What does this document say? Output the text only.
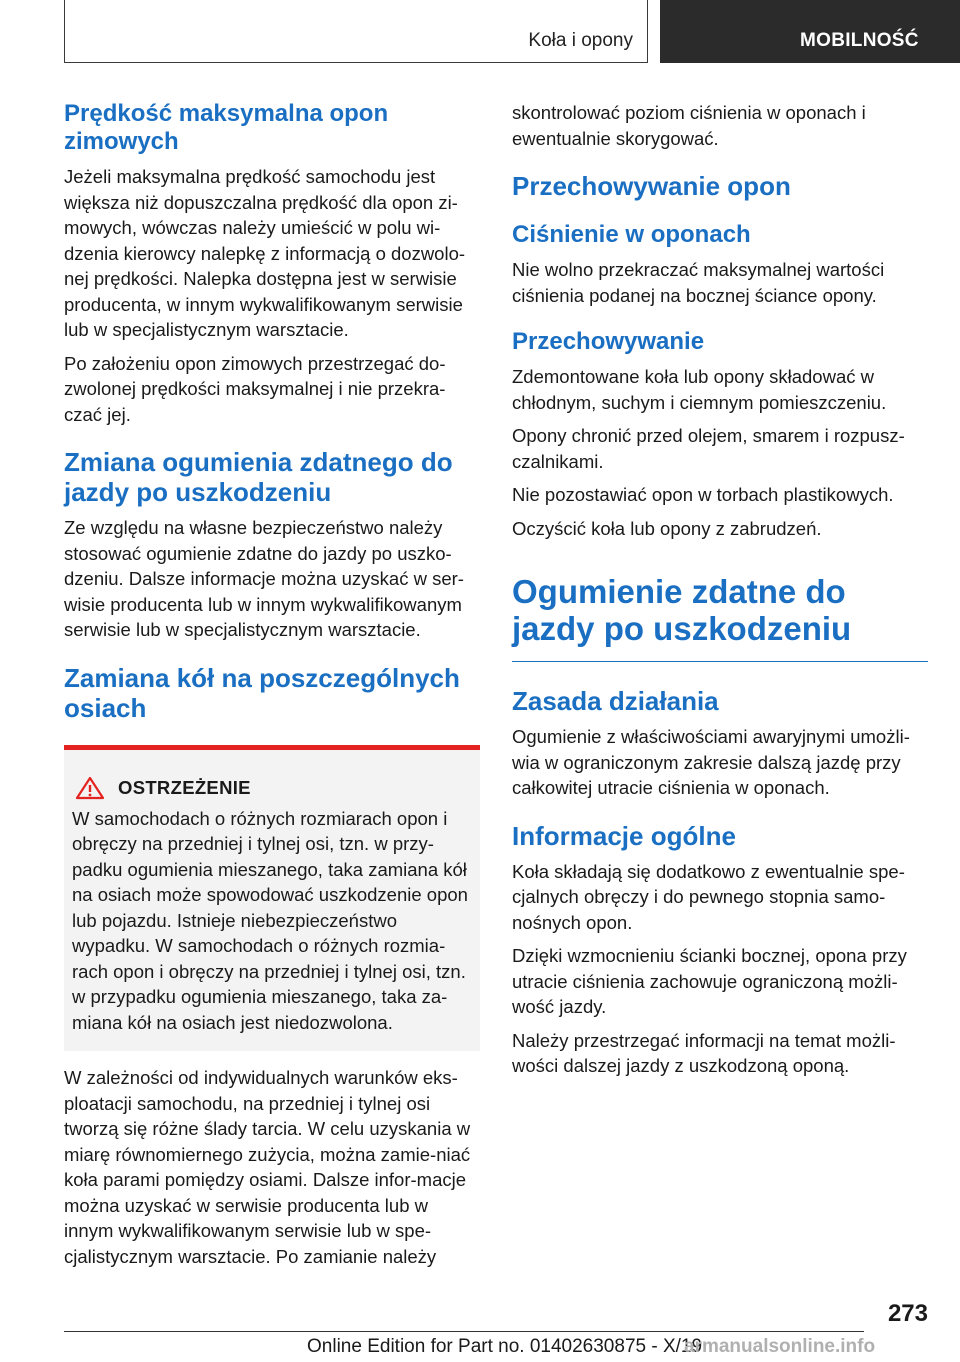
Koła i opony	MOBILNOŚĆ
Prędkość maksymalna opon zimowych

Jeżeli maksymalna prędkość samochodu jest większa niż dopuszczalna prędkość dla opon zi-mowych, wówczas należy umieścić w polu wi-dzenia kierowcy nalepkę z informacją o dozwolo-nej prędkości. Nalepka dostępna jest w serwisie producenta, w innym wykwalifikowanym serwisie lub w specjalistycznym warsztacie.

Po założeniu opon zimowych przestrzegać do-zwolonej prędkości maksymalnej i nie przekra-czać jej.

Zmiana ogumienia zdatnego do jazdy po uszkodzeniu

Ze względu na własne bezpieczeństwo należy stosować ogumienie zdatne do jazdy po uszko-dzeniu. Dalsze informacje można uzyskać w ser-wisie producenta lub w innym wykwalifikowanym serwisie lub w specjalistycznym warsztacie.

Zamiana kół na poszczególnych osiach
OSTRZEŻENIE

W samochodach o różnych rozmiarach opon i obręczy na przedniej i tylnej osi, tzn. w przy-padku ogumienia mieszanego, taka zamiana kół na osiach może spowodować uszkodzenie opon lub pojazdu. Istnieje niebezpieczeństwo wypadku. W samochodach o różnych rozmia-rach opon i obręczy na przedniej i tylnej osi, tzn. w przypadku ogumienia mieszanego, taka za-miana kół na osiach jest niedozwolona.

W zależności od indywidualnych warunków eks-ploatacji samochodu, na przedniej i tylnej osi tworzą się różne ślady tarcia. W celu uzyskania w miarę równomiernego zużycia, można zamie-niać koła parami pomiędzy osiami. Dalsze infor-macje można uzyskać w serwisie producenta lub w innym wykwalifikowanym serwisie lub w spe-cjalistycznym warsztacie. Po zamianie należy

skontrolować poziom ciśnienia w oponach i ewentualnie skorygować.

Przechowywanie opon
Ciśnienie w oponach

Nie wolno przekraczać maksymalnej wartości ciśnienia podanej na bocznej ściance opony.

Przechowywanie

Zdemontowane koła lub opony składować w chłodnym, suchym i ciemnym pomieszczeniu.

Opony chronić przed olejem, smarem i rozpusz-czalnikami.

Nie pozostawiać opon w torbach plastikowych.

Oczyścić koła lub opony z zabrudzeń.

Ogumienie zdatne do jazdy po uszkodzeniu
Zasada działania

Ogumienie z właściwościami awaryjnymi umożli-wia w ograniczonym zakresie dalszą jazdę przy całkowitej utracie ciśnienia w oponach.

Informacje ogólne

Koła składają się dodatkowo z ewentualnie spe-cjalnych obręczy i do pewnego stopnia samo-nośnych opon.

Dzięki wzmocnieniu ścianki bocznej, opona przy utracie ciśnienia zachowuje ograniczoną możli-wość jazdy.

Należy przestrzegać informacji na temat możli-wości dalszej jazdy z uszkodzoną oponą.

273
Online Edition for Part no. 01402630875 - X/19
armanualsonline.info
